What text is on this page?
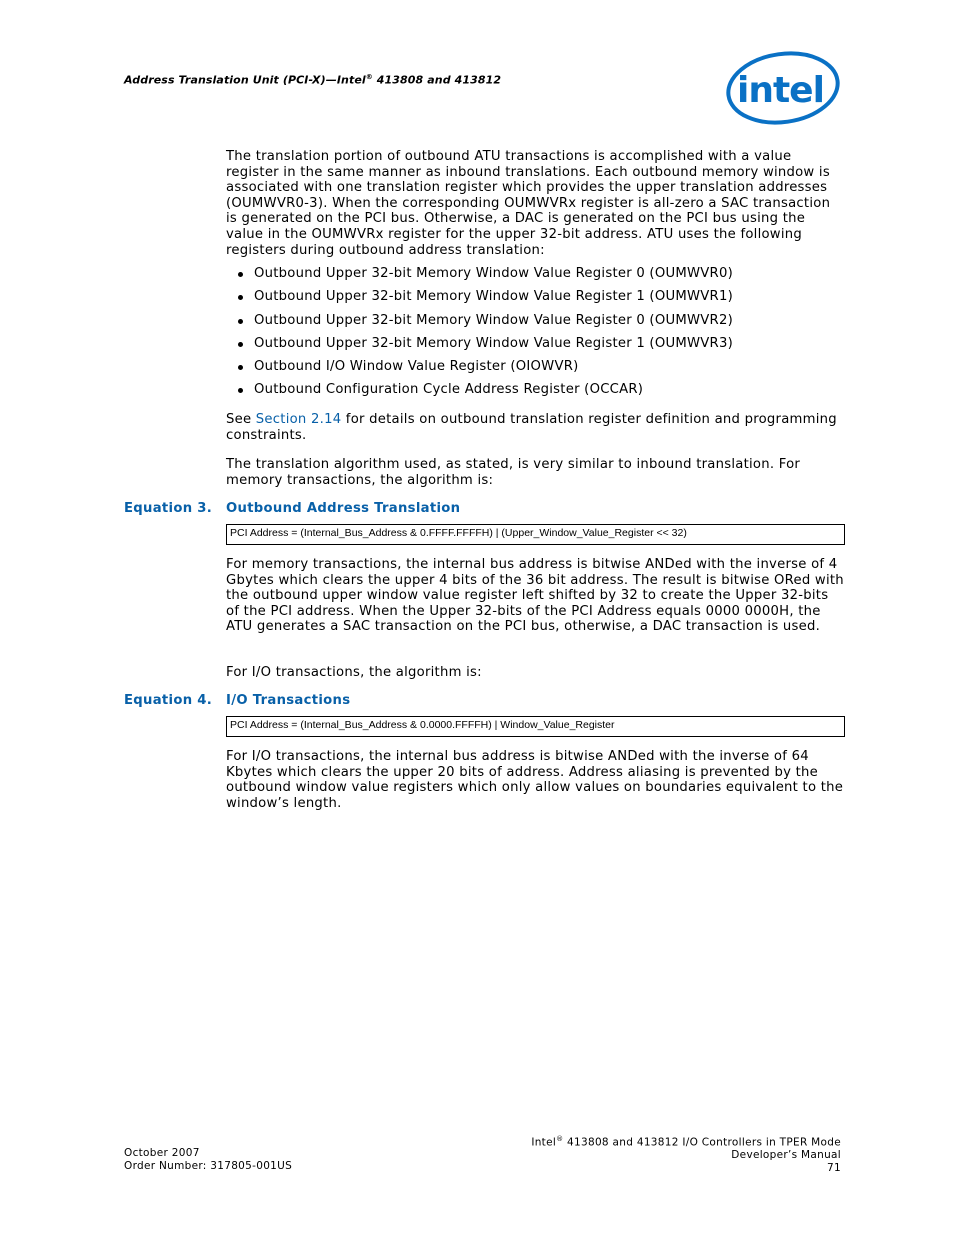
Address Translation Unit (PCI-X)—Intel® 413808 and 413812	intel

The translation portion of outbound ATU transactions is accomplished with a value register in the same manner as inbound translations. Each outbound memory window is associated with one translation register which provides the upper translation addresses (OUMWVR0-3). When the corresponding OUMWVRx register is all-zero a SAC transaction is generated on the PCI bus. Otherwise, a DAC is generated on the PCI bus using the value in the OUMWVRx register for the upper 32-bit address. ATU uses the following registers during outbound address translation:

Outbound Upper 32-bit Memory Window Value Register 0 (OUMWVR0)
Outbound Upper 32-bit Memory Window Value Register 1 (OUMWVR1)
Outbound Upper 32-bit Memory Window Value Register 0 (OUMWVR2)
Outbound Upper 32-bit Memory Window Value Register 1 (OUMWVR3)
Outbound I/O Window Value Register (OIOWVR)
Outbound Configuration Cycle Address Register (OCCAR)

See Section 2.14 for details on outbound translation register definition and programming constraints.

The translation algorithm used, as stated, is very similar to inbound translation. For memory transactions, the algorithm is:

Equation 3. Outbound Address Translation
PCI Address = (Internal_Bus_Address & 0.FFFF.FFFFH) | (Upper_Window_Value_Register << 32)

For memory transactions, the internal bus address is bitwise ANDed with the inverse of 4 Gbytes which clears the upper 4 bits of the 36 bit address. The result is bitwise ORed with the outbound upper window value register left shifted by 32 to create the Upper 32-bits of the PCI address. When the Upper 32-bits of the PCI Address equals 0000 0000H, the ATU generates a SAC transaction on the PCI bus, otherwise, a DAC transaction is used.

For I/O transactions, the algorithm is:

Equation 4. I/O Transactions
PCI Address = (Internal_Bus_Address & 0.0000.FFFFH) | Window_Value_Register

For I/O transactions, the internal bus address is bitwise ANDed with the inverse of 64 Kbytes which clears the upper 20 bits of address. Address aliasing is prevented by the outbound window value registers which only allow values on boundaries equivalent to the window’s length.

October 2007
Order Number: 317805-001US
Intel® 413808 and 413812 I/O Controllers in TPER Mode
Developer’s Manual
71
